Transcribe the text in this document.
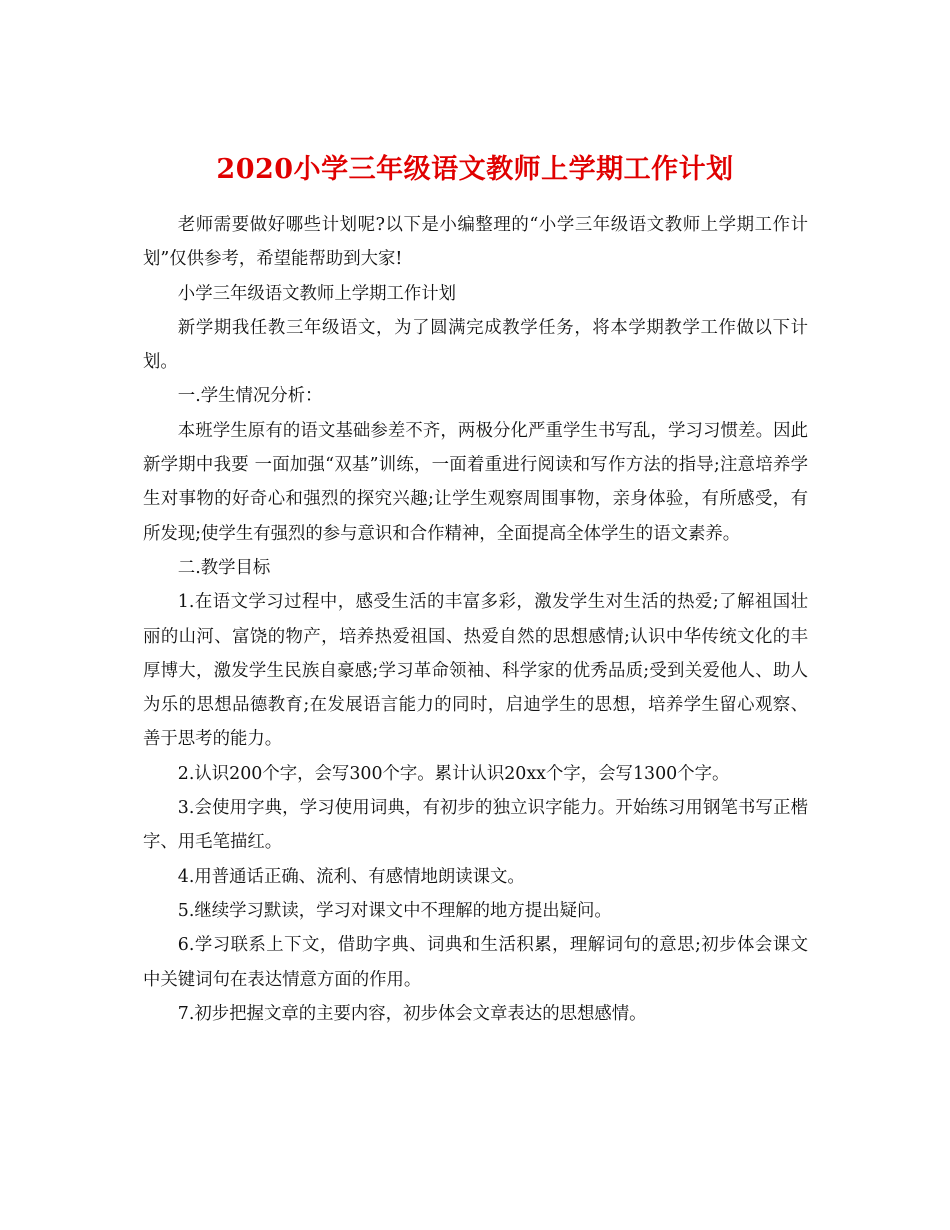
2020小学三年级语文教师上学期工作计划

老师需要做好哪些计划呢?以下是小编整理的“小学三年级语文教师上学期工作计划”仅供参考，希望能帮助到大家!

小学三年级语文教师上学期工作计划

新学期我任教三年级语文，为了圆满完成教学任务，将本学期教学工作做以下计划。

一.学生情况分析：

本班学生原有的语文基础参差不齐，两极分化严重学生书写乱，学习习惯差。因此新学期中我要 一面加强“双基”训练，一面着重进行阅读和写作方法的指导;注意培养学生对事物的好奇心和强烈的探究兴趣;让学生观察周围事物，亲身体验，有所感受，有所发现;使学生有强烈的参与意识和合作精神，全面提高全体学生的语文素养。

二.教学目标

1.在语文学习过程中，感受生活的丰富多彩，激发学生对生活的热爱;了解祖国壮丽的山河、富饶的物产，培养热爱祖国、热爱自然的思想感情;认识中华传统文化的丰厚博大，激发学生民族自豪感;学习革命领袖、科学家的优秀品质;受到关爱他人、助人为乐的思想品德教育;在发展语言能力的同时，启迪学生的思想，培养学生留心观察、善于思考的能力。

2.认识200个字，会写300个字。累计认识20xx个字，会写1300个字。

3.会使用字典，学习使用词典，有初步的独立识字能力。开始练习用钢笔书写正楷字、用毛笔描红。

4.用普通话正确、流利、有感情地朗读课文。

5.继续学习默读，学习对课文中不理解的地方提出疑问。

6.学习联系上下文，借助字典、词典和生活积累，理解词句的意思;初步体会课文中关键词句在表达情意方面的作用。

7.初步把握文章的主要内容，初步体会文章表达的思想感情。
